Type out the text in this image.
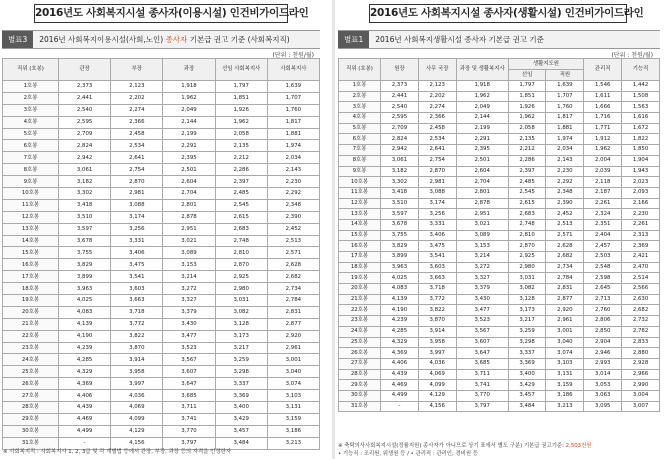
2016년도 사회복지시설 종사자(이용시설) 인건비가이드라인
별표3 2016년 사회복지이용시설(사회,노인) 종사자 기본급 권고 기준 (사회복지직)
(단위 : 천원/월)
직위 (호봉)	관장	부장	과장	선임 사회복지사	사회복지사
1호봉	2,373	2,123	1,918	1,797	1,639
2호봉	2,441	2,202	1,962	1,851	1,707
3호봉	2,540	2,274	2,049	1,926	1,760
4호봉	2,595	2,366	2,144	1,962	1,817
5호봉	2,709	2,458	2,199	2,058	1,881
6호봉	2,824	2,534	2,291	2,135	1,974
7호봉	2,942	2,641	2,395	2,212	2,034
8호봉	3,061	2,754	2,501	2,286	2,143
9호봉	3,182	2,870	2,604	2,397	2,230
10호봉	3,302	2,981	2,704	2,485	2,292
11호봉	3,418	3,088	2,801	2,545	2,348
12호봉	3,510	3,174	2,878	2,615	2,390
13호봉	3,597	3,256	2,951	2,683	2,452
14호봉	3,678	3,331	3,021	2,748	2,513
15호봉	3,755	3,406	3,089	2,810	2,571
16호봉	3,829	3,475	3,153	2,870	2,628
17호봉	3,899	3,541	3,214	2,925	2,682
18호봉	3,963	3,603	3,272	2,980	2,734
19호봉	4,025	3,663	3,327	3,031	2,784
20호봉	4,083	3,718	3,379	3,082	2,831
21호봉	4,139	3,772	3,430	3,128	2,877
22호봉	4,190	3,822	3,477	3,173	2,920
23호봉	4,239	3,870	3,523	3,217	2,961
24호봉	4,285	3,914	3,567	3,259	3,001
25호봉	4,329	3,958	3,607	3,298	3,040
26호봉	4,369	3,997	3,647	3,337	3,074
27호봉	4,406	4,036	3,685	3,369	3,103
28호봉	4,439	4,069	3,711	3,400	3,131
29호봉	4,469	4,099	3,741	3,429	3,159
30호봉	4,499	4,129	3,770	3,457	3,186
31호봉	-	4,156	3,797	3,484	3,213
※ 사회복지직 : 사회복지사 1, 2, 3급 및 각 개별법 등에서 관장, 부장, 과장 등의 자격을 인정한자
2016년도 사회복지시설 종사자(생활시설) 인건비가이드라인
별표1 2016년 사회복지생활시설 종사자 기본급 권고 기준
(단위 : 천원/월)
직위 (호봉)	원장	사무 국장	과장 및 생활복지사	생활지도원		관리직	기능직
				선임	직원		
1호봉	2,373	2,123	1,918	1,797	1,639	1,546	1,442
2호봉	2,441	2,202	1,962	1,851	1,707	1,611	1,508
3호봉	2,540	2,274	2,049	1,926	1,760	1,666	1,563
4호봉	2,595	2,366	2,144	1,962	1,817	1,716	1,616
5호봉	2,709	2,458	2,199	2,058	1,881	1,771	1,672
6호봉	2,824	2,534	2,291	2,135	1,974	1,912	1,822
7호봉	2,942	2,641	2,395	2,212	2,034	1,962	1,850
8호봉	3,061	2,754	2,501	2,286	2,143	2,004	1,904
9호봉	3,182	2,870	2,604	2,397	2,230	2,039	1,943
10호봉	3,302	2,981	2,704	2,485	2,292	2,118	2,023
11호봉	3,418	3,088	2,801	2,545	2,348	2,187	2,093
12호봉	3,510	3,174	2,878	2,615	2,390	2,261	2,166
13호봉	3,597	3,256	2,951	2,683	2,452	2,324	2,230
14호봉	3,678	3,331	3,021	2,748	2,513	2,351	2,261
15호봉	3,755	3,406	3,089	2,810	2,571	2,404	2,313
16호봉	3,829	3,475	3,153	2,870	2,628	2,457	2,369
17호봉	3,899	3,541	3,214	2,925	2,682	2,503	2,421
18호봉	3,963	3,603	3,272	2,980	2,734	2,548	2,470
19호봉	4,025	3,663	3,327	3,031	2,784	2,598	2,514
20호봉	4,083	3,718	3,379	3,082	2,831	2,645	2,566
21호봉	4,139	3,772	3,430	3,128	2,877	2,713	2,630
22호봉	4,190	3,822	3,477	3,173	2,920	2,760	2,682
23호봉	4,239	3,870	3,523	3,217	2,961	2,806	2,732
24호봉	4,285	3,914	3,567	3,259	3,001	2,850	2,782
25호봉	4,329	3,958	3,607	3,298	3,040	2,904	2,833
26호봉	4,369	3,997	3,647	3,337	3,074	2,946	2,880
27호봉	4,406	4,036	3,685	3,369	3,103	2,993	2,928
28호봉	4,439	4,069	3,711	3,400	3,131	3,014	2,966
29호봉	4,469	4,099	3,741	3,429	3,159	3,053	2,990
30호봉	4,499	4,129	3,770	3,457	3,186	3,063	3,004
31호봉	-	4,156	3,797	3,484	3,213	3,095	3,007
※ 축탁의사사회복지시설(정률지원) 종사자가 아니므로 상기 표에서 별도 구분) 기본급 권고기준: 2,503천원
• 기능직 : 조리원, 위생원 등 / • 관리직 : 관리인, 경비원 등
